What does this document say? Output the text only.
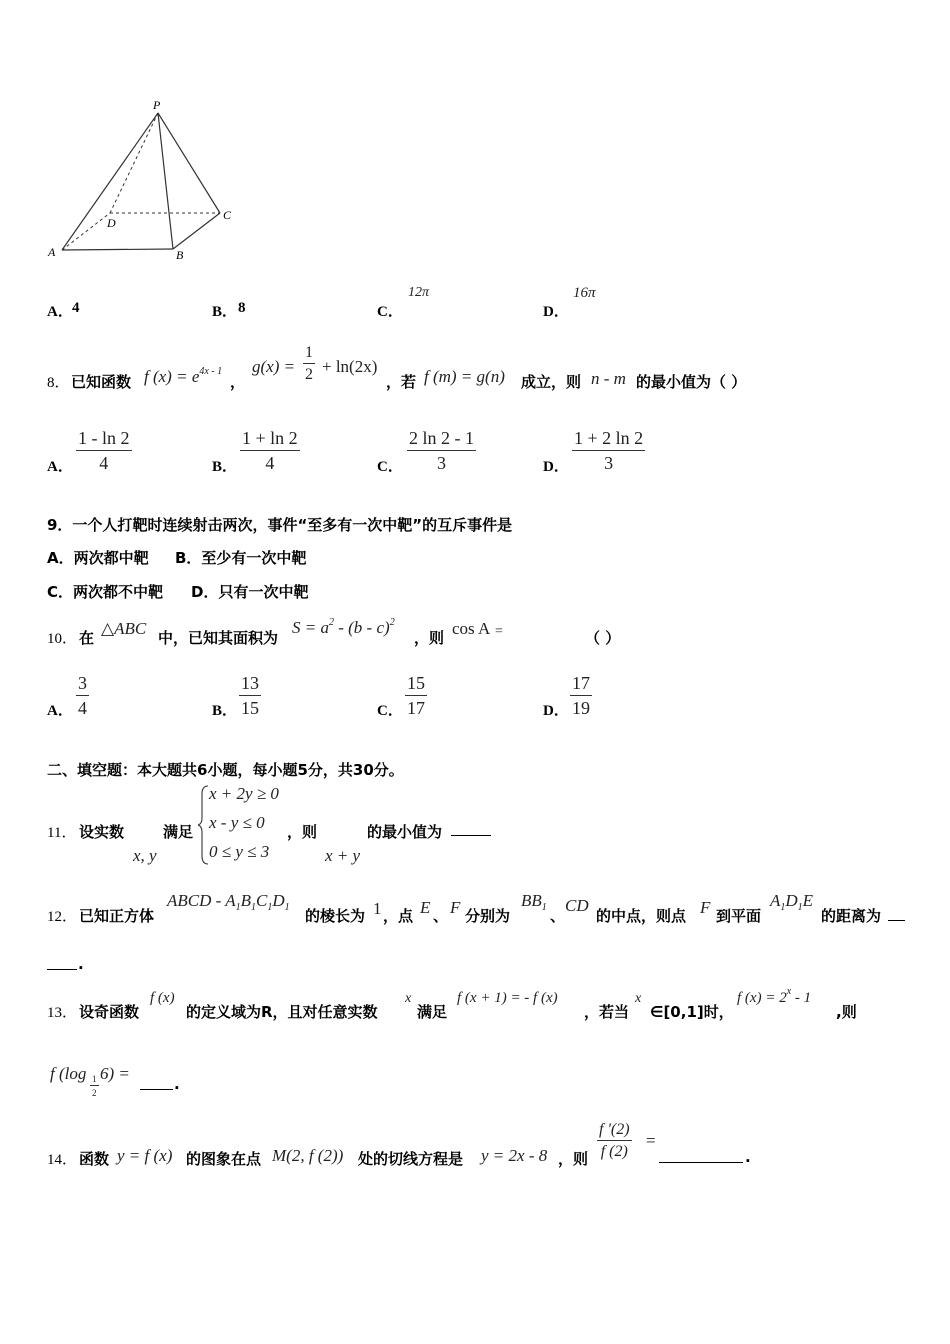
P
A	B
C
D
A． 4	B． 8	C．
12π
D．
16π
8． 已知函数 f $(x) = e^{4x - 1}$
，
$g(x) = \frac{1}{2} + \ln(2x)$
，若 f (m) = g(n) 成立，则 n - m 的最小值为（ ）
A． $\frac{1 - \ln 2}{4}$	B． $\frac{1 + \ln 2}{4}$	C． $\frac{2 \ln 2 - 1}{3}$	D． $\frac{1 + 2 \ln 2}{3}$
9．一个人打靶时连续射击两次，事件“至多有一次中靶”的互斥事件是
A．两次都中靶 B．至少有一次中靶
C．两次都不中靶 D．只有一次中靶
10． 在 △ABC 中，已知其面积为
$S = a^2 - (b - c)^2$
，则 cos A =	（ ）
A． $\frac{3}{4}$	B． $\frac{13}{15}$	C． $\frac{15}{17}$	D． $\frac{17}{19}$
二、填空题：本大题共6小题，每小题5分，共30分。
11． 设实数
x, y
满足
x + 2y ≥ 0
x - y ≤ 0
0 ≤ y ≤ 3
，则
x + y
的最小值为
12． 已知正方体
ABCD - $A_1B_1C_1D_1$ 的棱长为 1 ，点 E 、 F 分别为
$BB_1$ 、
CD
的中点，则点 F 到平面
$A_1D_1E$
的距离为
.
13． 设奇函数
f (x)
的定义域为R，且对任意实数
x
满足
f (x + 1) = - f (x)
，若当
x
∈[0,1]时，
f $(x) = 2^x - 1$
,则
f (log
$\frac{1}{2}$
6) =
.
14． 函数 y = f (x) 的图象在点 M(2, f (2)) 处的切线方程是 y = 2x - 8 ，则 $\frac{f '(2)}{f (2)}$ =
.
